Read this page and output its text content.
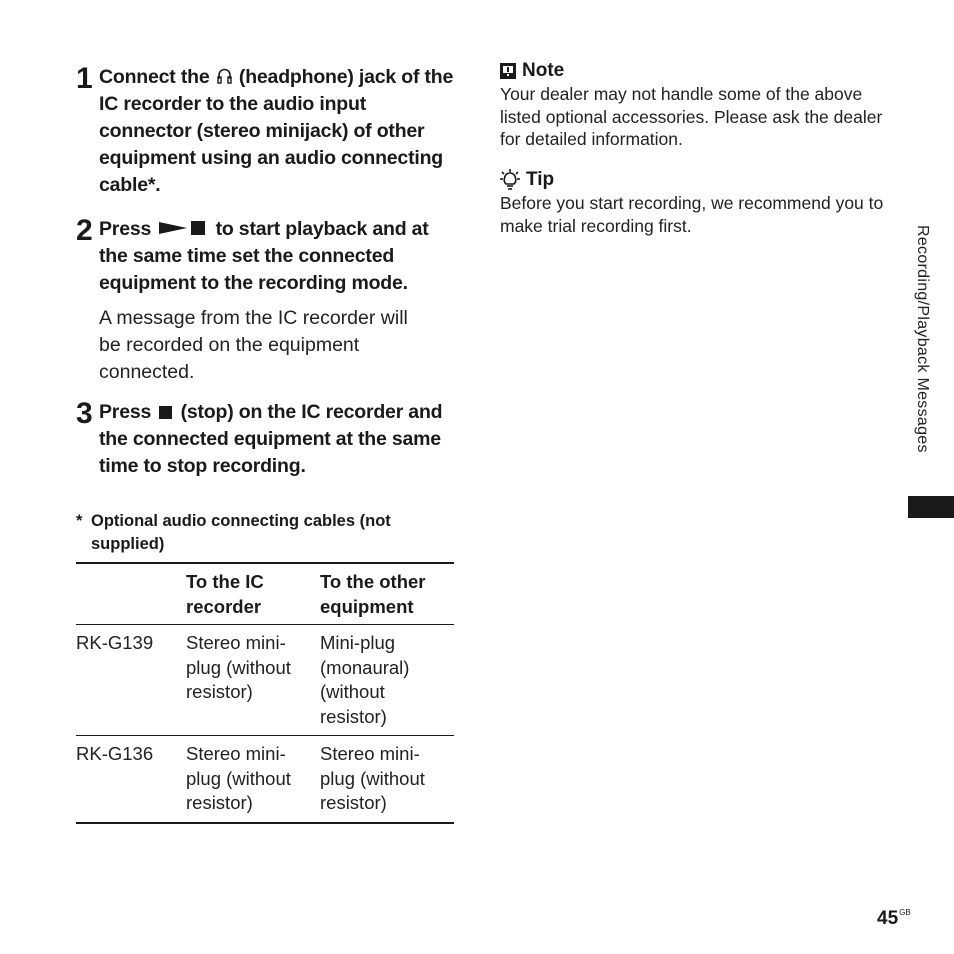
1 Connect the (headphone) jack of the IC recorder to the audio input connector (stereo minijack) of other equipment using an audio connecting cable*.
2 Press	to start playback and at the same time set the connected equipment to the recording mode.
A message from the IC recorder will be recorded on the equipment connected.
3 Press (stop) on the IC recorder and the connected equipment at the same time to stop recording.
* Optional audio connecting cables (not supplied)
	To the IC recorder	To the other equipment
RK-G139	Stereo mini-plug (without resistor)	Mini-plug (monaural) (without resistor)
RK-G136	Stereo mini-plug (without resistor)	Stereo mini-plug (without resistor)
Note
Your dealer may not handle some of the above listed optional accessories. Please ask the dealer for detailed information.
Tip
Before you start recording, we recommend you to make trial recording first.	Recording/Playback Messages
$45^{GB}$
